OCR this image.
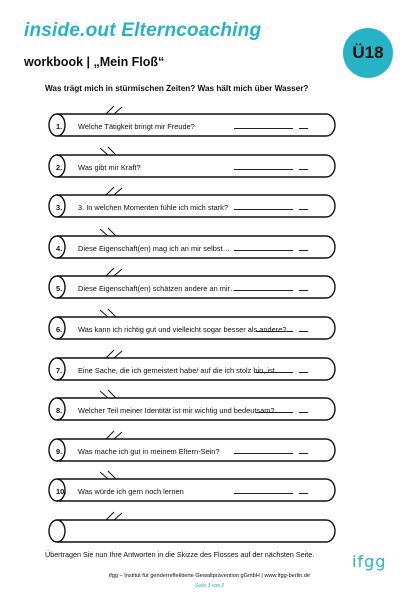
inside.out Elterncoaching
Ü18
workbook | „Mein Floß“
Was trägt mich in stürmischen Zeiten? Was hält mich über Wasser?
1. Welche Tätigkeit bringt mir Freude?
2. Was gibt mir Kraft?
3. 3. In welchen Momenten fühle ich mich stark?
4. Diese Eigenschaft(en) mag ich an mir selbst…
5. Diese Eigenschaft(en) schätzen andere an mir…
6. Was kann ich richtig gut und vielleicht sogar besser als andere?
7. Eine Sache, die ich gemeistert habe/ auf die ich stolz bin, ist…
8. Welcher Teil meiner Identität ist mir wichtig und bedeutsam?
9. Was mache ich gut in meinem Eltern-Sein?
10. Was würde ich gern noch lernen
Übertragen Sie nun Ihre Antworten in die Skizze des Flosses auf der nächsten Seite. ifgg
ifgg – Institut für genderreflektierte Gewaltprävention gGmbH | www.ifgg-berlin.de
Seite 1 von 2
